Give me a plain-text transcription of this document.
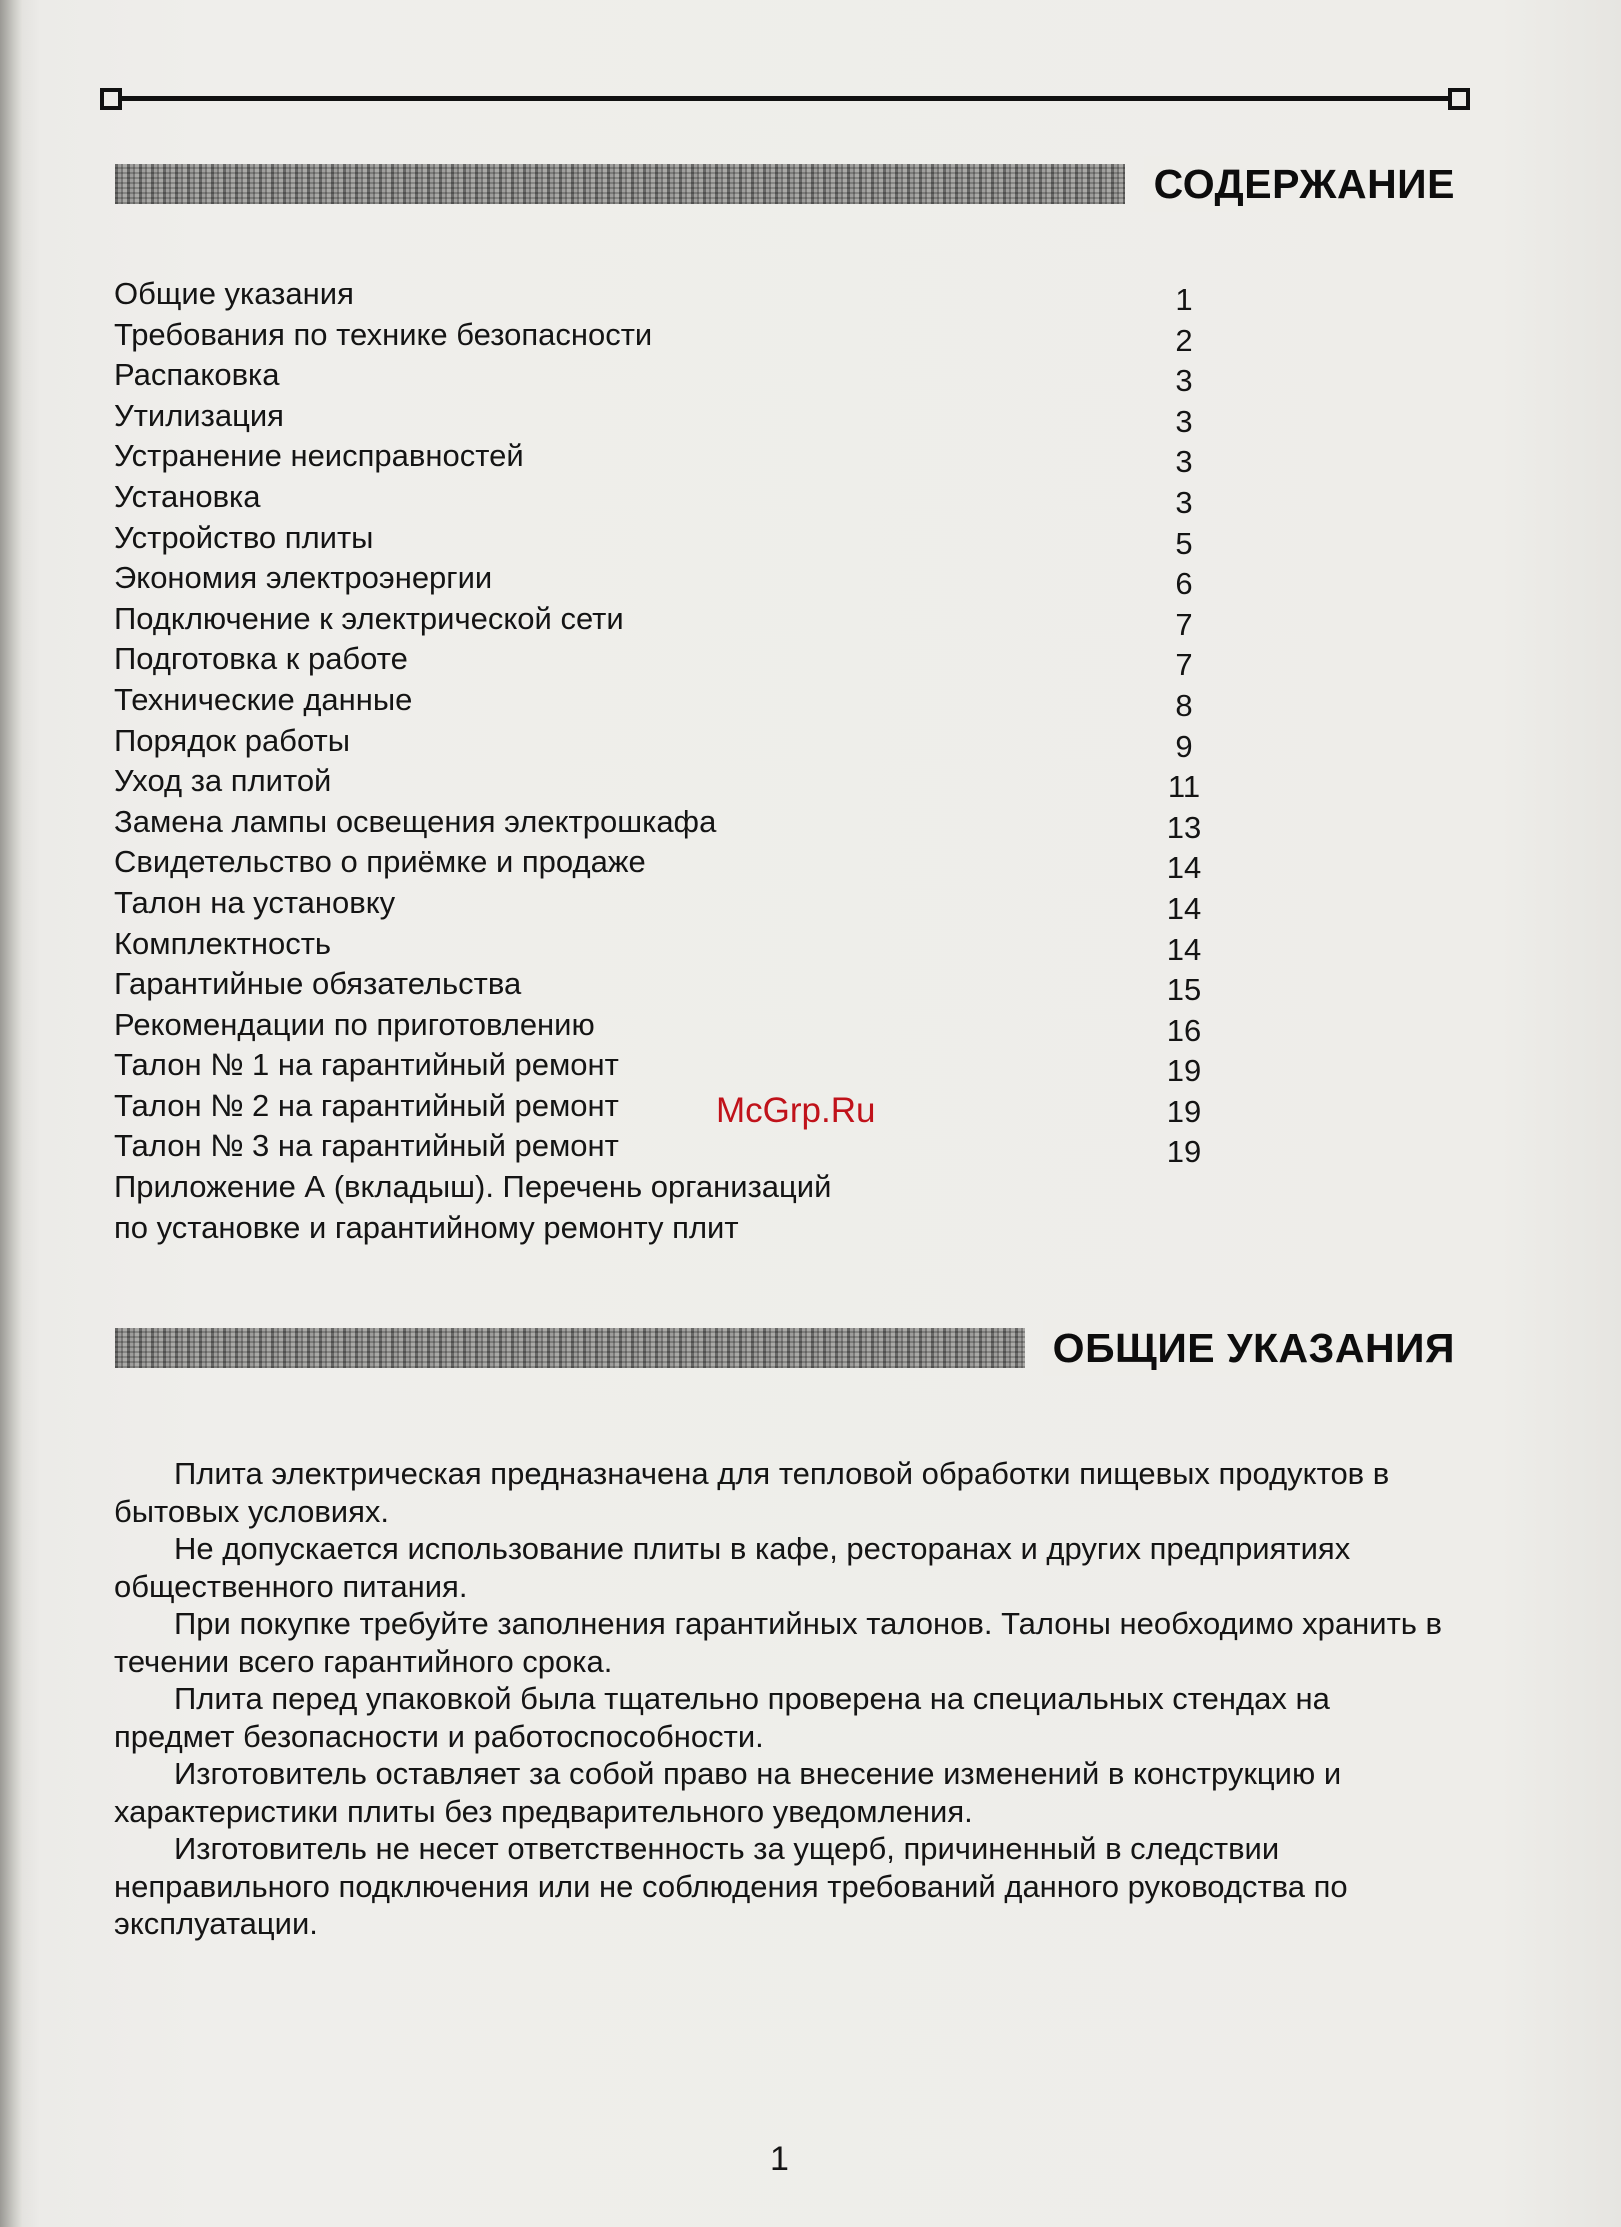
СОДЕРЖАНИЕ
Общие указания	1
Требования по технике безопасности	2
Распаковка	3
Утилизация	3
Устранение неисправностей	3
Установка	3
Устройство плиты	5
Экономия электроэнергии	6
Подключение к электрической сети	7
Подготовка к работе	7
Технические данные	8
Порядок работы	9
Уход за плитой	11
Замена лампы освещения электрошкафа	13
Свидетельство о приёмке и продаже	14
Талон на установку	14
Комплектность	14
Гарантийные обязательства	15
Рекомендации по приготовлению	16
Талон № 1 на гарантийный ремонт	19
Талон № 2 на гарантийный ремонт	19
Талон № 3 на гарантийный ремонт	19
Приложение А (вкладыш). Перечень организаций
по установке и гарантийному ремонту плит
McGrp.Ru
ОБЩИЕ УКАЗАНИЯ

Плита электрическая предназначена для тепловой обработки пищевых продуктов в бытовых условиях.

Не допускается использование плиты в кафе, ресторанах и других предприятиях общественного питания.

При покупке требуйте заполнения гарантийных талонов. Талоны необходимо хранить в течении всего гарантийного срока.

Плита перед упаковкой была тщательно проверена на специальных стендах на предмет безопасности и работоспособности.

Изготовитель оставляет за собой право на внесение изменений в конструкцию и характеристики плиты без предварительного уведомления.

Изготовитель не несет ответственность за ущерб, причиненный в следствии неправильного подключения или не соблюдения требований данного руководства по эксплуатации.

1
